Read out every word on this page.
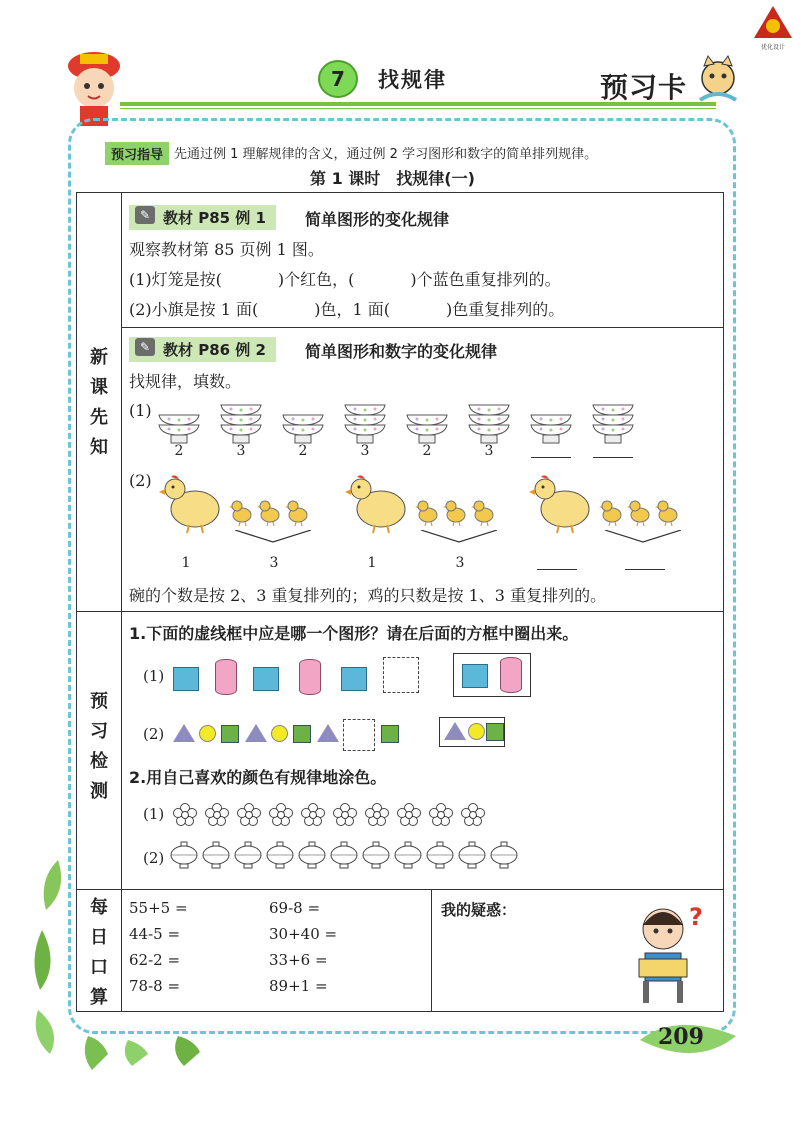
优化设计
7	找规律	预习卡
预习指导 先通过例 1 理解规律的含义，通过例 2 学习图形和数字的简单排列规律。
第 1 课时　找规律(一)
新课先知
预习检测
每日口算
✎ 教材 P85 例 1	简单图形的变化规律
观察教材第 85 页例 1 图。
(1)灯笼是按(	)个红色，(	)个蓝色重复排列的。
(2)小旗是按 1 面(	)色，1 面(	)色重复排列的。
✎ 教材 P86 例 2	简单图形和数字的变化规律
找规律，填数。
(1)
2	3	2	3	2	3
(2)
1	3	1	3
碗的个数是按 2、3 重复排列的；鸡的只数是按 1、3 重复排列的。
1.下面的虚线框中应是哪一个图形？请在后面的方框中圈出来。
(1)
(2)
2.用自己喜欢的颜色有规律地涂色。
(1)
(2)
55+5 =	69-8 =
44-5 =	30+40 =
62-2 =	33+6 =
78-8 =	89+1 =
我的疑惑：	?
209
